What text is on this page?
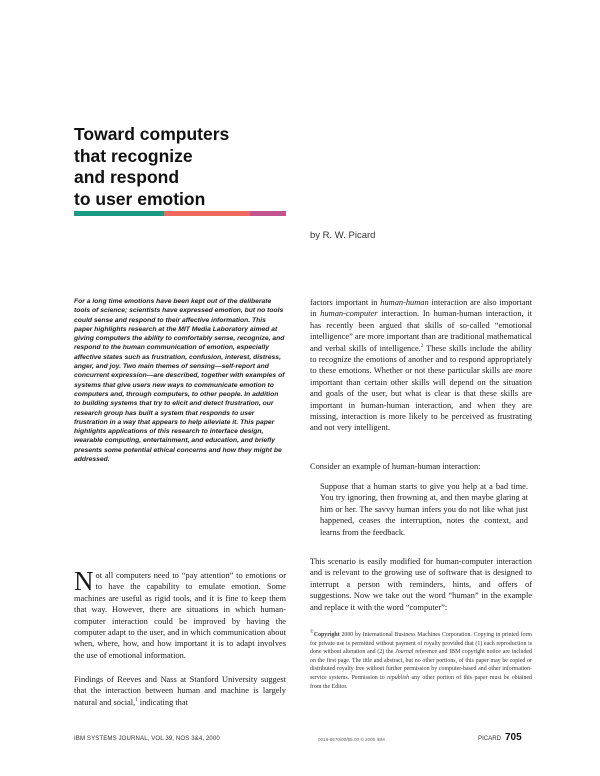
Toward computers
that recognize
and respond
to user emotion
by R. W. Picard
For a long time emotions have been kept out of the deliberate tools of science; scientists have expressed emotion, but no tools could sense and respond to their affective information. This paper highlights research at the MIT Media Laboratory aimed at giving computers the ability to comfortably sense, recognize, and respond to the human communication of emotion, especially affective states such as frustration, confusion, interest, distress, anger, and joy. Two main themes of sensing—self-report and concurrent expression—are described, together with examples of systems that give users new ways to communicate emotion to computers and, through computers, to other people. In addition to building systems that try to elicit and detect frustration, our research group has built a system that responds to user frustration in a way that appears to help alleviate it. This paper highlights applications of this research to interface design, wearable computing, entertainment, and education, and briefly presents some potential ethical concerns and how they might be addressed.

Not all computers need to “pay attention” to emotions or to have the capability to emulate emotion. Some machines are useful as rigid tools, and it is fine to keep them that way. However, there are situations in which human-computer interaction could be improved by having the computer adapt to the user, and in which communication about when, where, how, and how important it is to adapt involves the use of emotional information.

Findings of Reeves and Nass at Stanford University suggest that the interaction between human and machine is largely natural and social,$^1$ indicating that

factors important in human-human interaction are also important in human-computer interaction. In human-human interaction, it has recently been argued that skills of so-called “emotional intelligence” are more important than are traditional mathematical and verbal skills of intelligence.$^2$ These skills include the ability to recognize the emotions of another and to respond appropriately to these emotions. Whether or not these particular skills are more important than certain other skills will depend on the situation and goals of the user, but what is clear is that these skills are important in human-human interaction, and when they are missing, interaction is more likely to be perceived as frustrating and not very intelligent.

Consider an example of human-human interaction:

Suppose that a human starts to give you help at a bad time. You try ignoring, then frowning at, and then maybe glaring at him or her. The savvy human infers you do not like what just happened, ceases the interruption, notes the context, and learns from the feedback.

This scenario is easily modified for human-computer interaction and is relevant to the growing use of software that is designed to interrupt a person with reminders, hints, and offers of suggestions. Now we take out the word “human” in the example and replace it with the word “computer”:

©Copyright 2000 by International Business Machines Corporation. Copying in printed form for private use is permitted without payment of royalty provided that (1) each reproduction is done without alteration and (2) the Journal reference and IBM copyright notice are included on the first page. The title and abstract, but no other portions, of this paper may be copied or distributed royalty free without further permission by computer-based and other information-service systems. Permission to republish any other portion of this paper must be obtained from the Editor.
IBM SYSTEMS JOURNAL, VOL 39, NOS 3&4, 2000	0018-8670/00/$5.00 © 2000 IBM	PICARD 705
